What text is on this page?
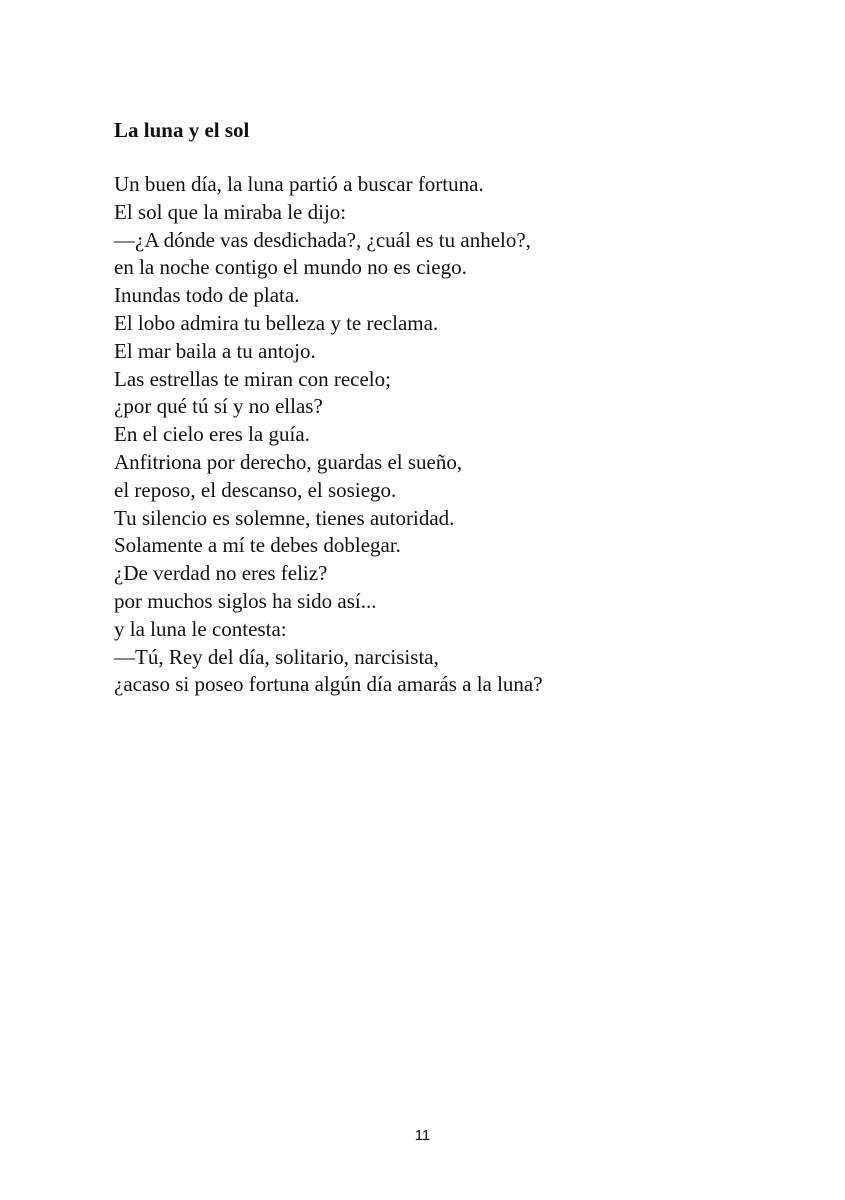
La luna y el sol
Un buen día, la luna partió a buscar fortuna.
El sol que la miraba le dijo:
—¿A dónde vas desdichada?, ¿cuál es tu anhelo?,
en la noche contigo el mundo no es ciego.
Inundas todo de plata.
El lobo admira tu belleza y te reclama.
El mar baila a tu antojo.
Las estrellas te miran con recelo;
¿por qué tú sí y no ellas?
En el cielo eres la guía.
Anfitriona por derecho, guardas el sueño,
el reposo, el descanso, el sosiego.
Tu silencio es solemne, tienes autoridad.
Solamente a mí te debes doblegar.
¿De verdad no eres feliz?
por muchos siglos ha sido así...
y la luna le contesta:
—Tú, Rey del día, solitario, narcisista,
¿acaso si poseo fortuna algún día amarás a la luna?
11
